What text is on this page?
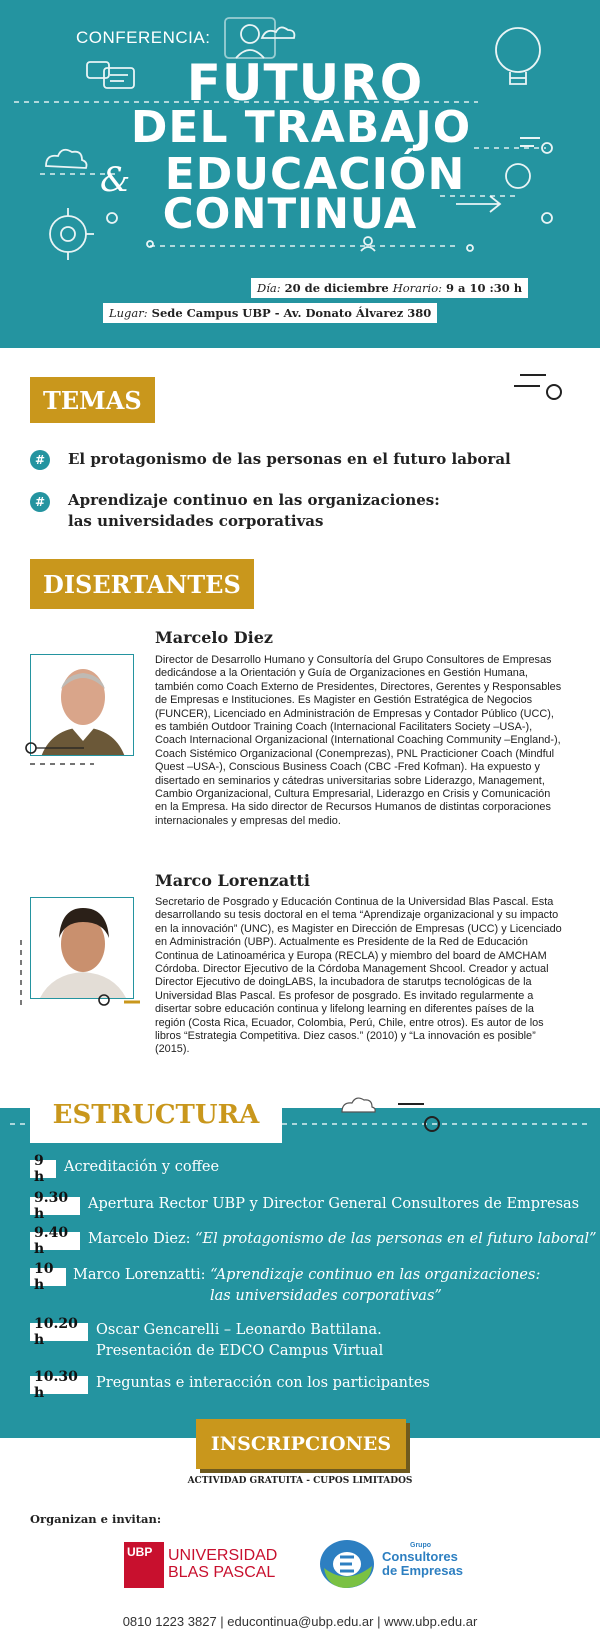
CONFERENCIA:
FUTURO
DEL TRABAJO
& EDUCACIÓN
CONTINUA
Día: 20 de diciembre Horario: 9 a 10 :30 h
Lugar: Sede Campus UBP - Av. Donato Álvarez 380
TEMAS
#	El protagonismo de las personas en el futuro laboral
#	Aprendizaje continuo en las organizaciones:
las universidades corporativas
DISERTANTES
Marcelo Diez
Director de Desarrollo Humano y Consultoría del Grupo Consultores de Empresas dedicándose a la Orientación y Guía de Organizaciones en Gestión Humana, también como Coach Externo de Presidentes, Directores, Gerentes y Responsables de Empresas e Instituciones. Es Magister en Gestión Estratégica de Negocios (FUNCER), Licenciado en Administración de Empresas y Contador Público (UCC), es también Outdoor Training Coach (Internacional Facilitaters Society –USA-), Coach Internacional Organizacional (International Coaching Community –England-), Coach Sistémico Organizacional (Conemprezas), PNL Practicioner Coach (Mindful Quest –USA-), Conscious Business Coach (CBC -Fred Kofman). Ha expuesto y disertado en seminarios y cátedras universitarias sobre Liderazgo, Management, Cambio Organizacional, Cultura Empresarial, Liderazgo en Crisis y Comunicación en la Empresa. Ha sido director de Recursos Humanos de distintas corporaciones internacionales y empresas del medio.
Marco Lorenzatti
Secretario de Posgrado y Educación Continua de la Universidad Blas Pascal. Esta desarrollando su tesis doctoral en el tema “Aprendizaje organizacional y su impacto en la innovación” (UNC), es Magister en Dirección de Empresas (UCC) y Licenciado en Administración (UBP). Actualmente es Presidente de la Red de Educación Continua de Latinoamérica y Europa (RECLA) y miembro del board de AMCHAM Córdoba. Director Ejecutivo de la Córdoba Management Shcool. Creador y actual Director Ejecutivo de doingLABS, la incubadora de starutps tecnológicas de la Universidad Blas Pascal. Es profesor de posgrado. Es invitado regularmente a disertar sobre educación continua y lifelong learning en diferentes países de la región (Costa Rica, Ecuador, Colombia, Perú, Chile, entre otros). Es autor de los libros “Estrategia Competitiva. Diez casos.” (2010) y “La innovación es posible” (2015).
ESTRUCTURA
9 h
Acreditación y coffee
9.30 h
Apertura Rector UBP y Director General Consultores de Empresas
9.40 h
Marcelo Diez: “El protagonismo de las personas en el futuro laboral”
10 h
Marco Lorenzatti: “Aprendizaje continuo en las organizaciones:
las universidades corporativas”
10.20 h
Oscar Gencarelli – Leonardo Battilana.
Presentación de EDCO Campus Virtual
10.30 h
Preguntas e interacción con los participantes
INSCRIPCIONES
ACTIVIDAD GRATUITA - CUPOS LIMITADOS
Organizan e invitan:
UBP UNIVERSIDAD
BLAS PASCAL
Grupo
Consultores
de Empresas
0810 1223 3827 | educontinua@ubp.edu.ar | www.ubp.edu.ar
